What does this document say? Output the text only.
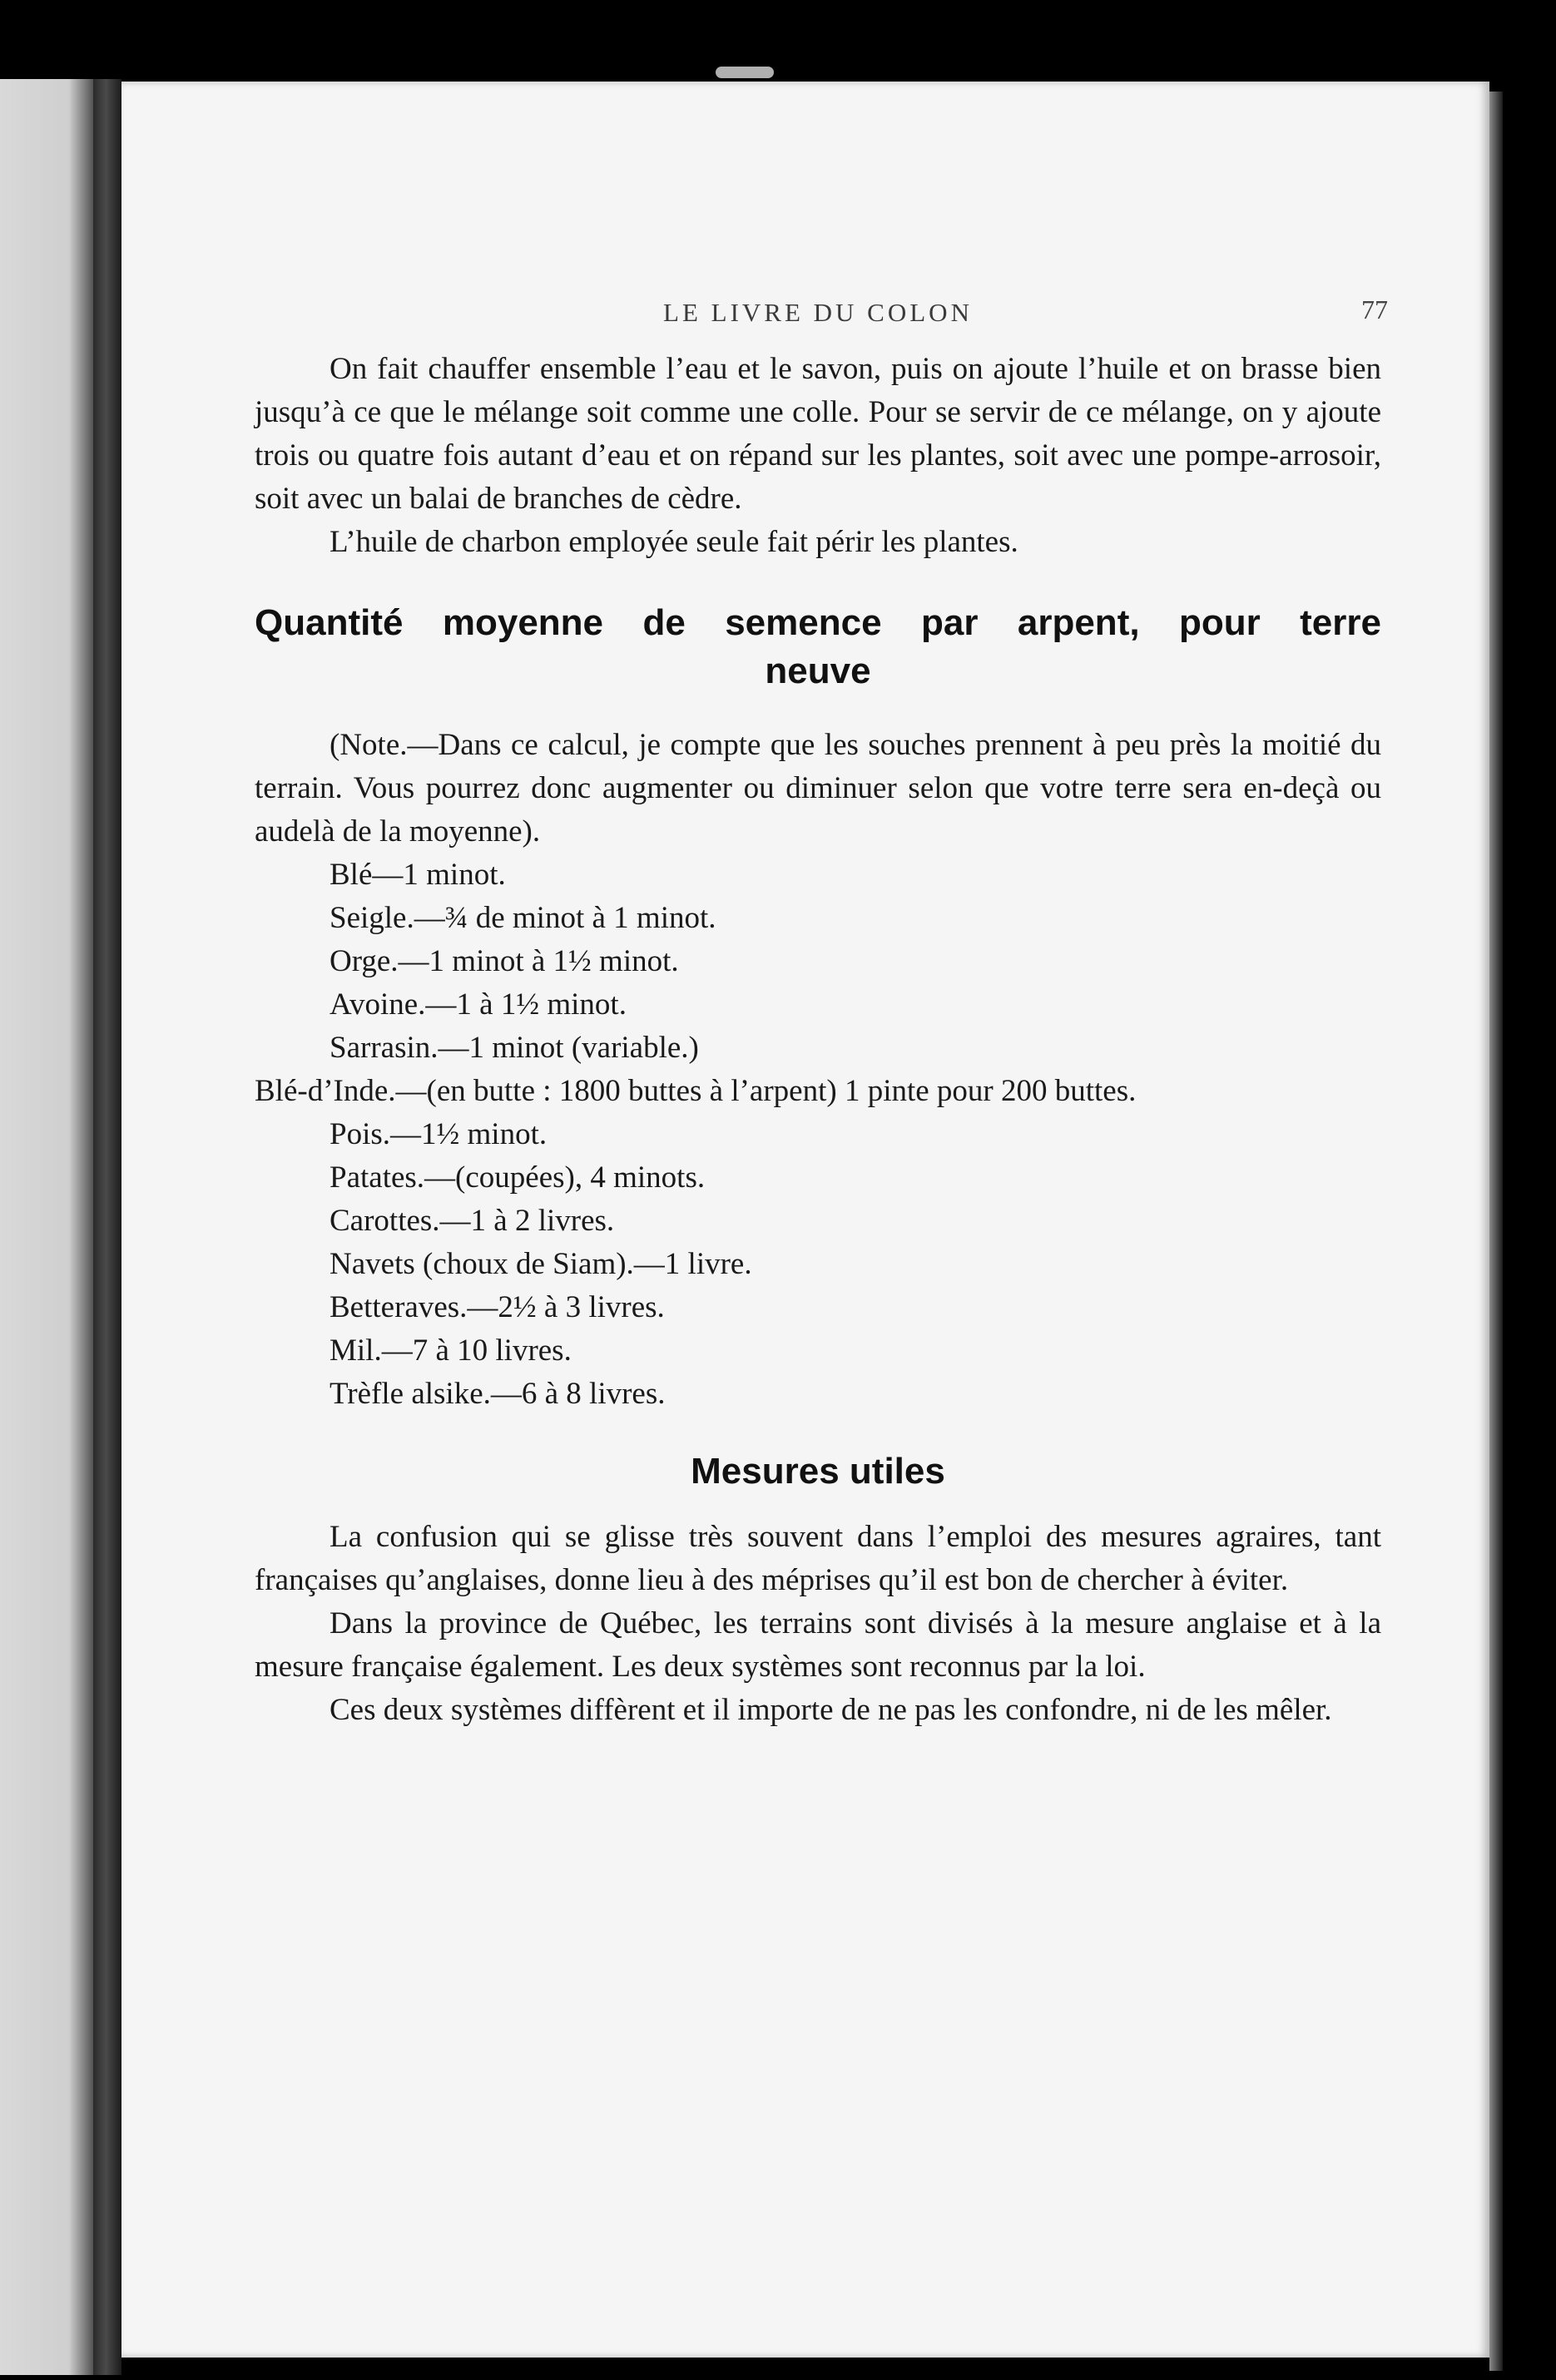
LE LIVRE DU COLON	77

On fait chauffer ensemble l’eau et le savon, puis on ajoute l’huile et on brasse bien jusqu’à ce que le mélange soit comme une colle. Pour se servir de ce mélange, on y ajoute trois ou quatre fois autant d’eau et on répand sur les plantes, soit avec une pompe-arrosoir, soit avec un balai de branches de cèdre.

L’huile de charbon employée seule fait périr les plantes.

Quantité moyenne de semence par arpent, pour terre neuve

(Note.—Dans ce calcul, je compte que les souches prennent à peu près la moitié du terrain. Vous pourrez donc augmenter ou diminuer selon que votre terre sera en-deçà ou audelà de la moyenne).

Blé—1 minot.
Seigle.—¾ de minot à 1 minot.
Orge.—1 minot à 1½ minot.
Avoine.—1 à 1½ minot.
Sarrasin.—1 minot (variable.)
Blé-d’Inde.—(en butte : 1800 buttes à l’arpent) 1 pinte pour 200 buttes.
Pois.—1½ minot.
Patates.—(coupées), 4 minots.
Carottes.—1 à 2 livres.
Navets (choux de Siam).—1 livre.
Betteraves.—2½ à 3 livres.
Mil.—7 à 10 livres.
Trèfle alsike.—6 à 8 livres.
Mesures utiles

La confusion qui se glisse très souvent dans l’emploi des mesures agraires, tant françaises qu’anglaises, donne lieu à des méprises qu’il est bon de chercher à éviter.

Dans la province de Québec, les terrains sont divisés à la mesure anglaise et à la mesure française également. Les deux systèmes sont reconnus par la loi.

Ces deux systèmes diffèrent et il importe de ne pas les confondre, ni de les mêler.
